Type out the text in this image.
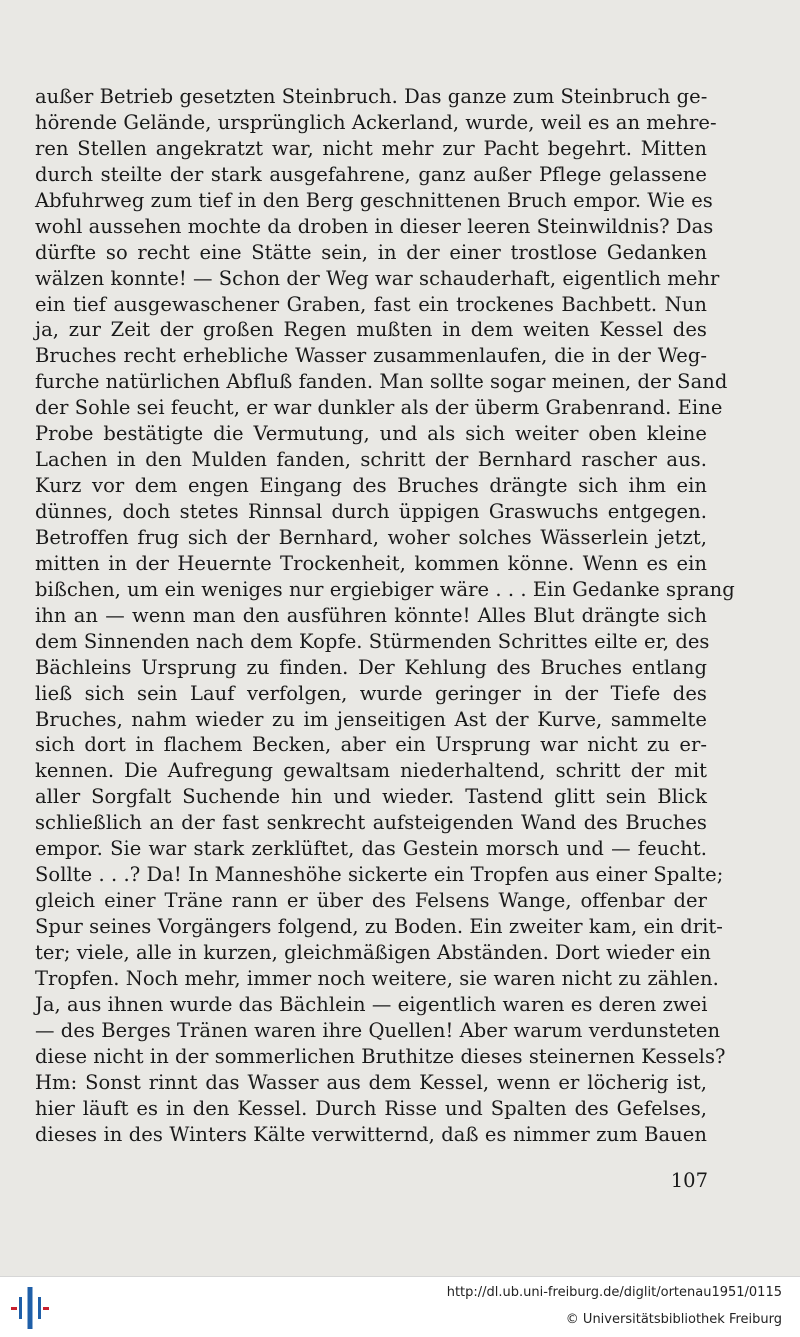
außer Betrieb gesetzten Steinbruch. Das ganze zum Steinbruch ge-
hörende Gelände, ursprünglich Ackerland, wurde, weil es an mehre-
ren Stellen angekratzt war, nicht mehr zur Pacht begehrt. Mitten
durch steilte der stark ausgefahrene, ganz außer Pflege gelassene
Abfuhrweg zum tief in den Berg geschnittenen Bruch empor. Wie es
wohl aussehen mochte da droben in dieser leeren Steinwildnis? Das
dürfte so recht eine Stätte sein, in der einer trostlose Gedanken
wälzen konnte! — Schon der Weg war schauderhaft, eigentlich mehr
ein tief ausgewaschener Graben, fast ein trockenes Bachbett. Nun
ja, zur Zeit der großen Regen mußten in dem weiten Kessel des
Bruches recht erhebliche Wasser zusammenlaufen, die in der Weg-
furche natürlichen Abfluß fanden. Man sollte sogar meinen, der Sand
der Sohle sei feucht, er war dunkler als der überm Grabenrand. Eine
Probe bestätigte die Vermutung, und als sich weiter oben kleine
Lachen in den Mulden fanden, schritt der Bernhard rascher aus.
Kurz vor dem engen Eingang des Bruches drängte sich ihm ein
dünnes, doch stetes Rinnsal durch üppigen Graswuchs entgegen.
Betroffen frug sich der Bernhard, woher solches Wässerlein jetzt,
mitten in der Heuernte Trockenheit, kommen könne. Wenn es ein
bißchen, um ein weniges nur ergiebiger wäre . . . Ein Gedanke sprang
ihn an — wenn man den ausführen könnte! Alles Blut drängte sich
dem Sinnenden nach dem Kopfe. Stürmenden Schrittes eilte er, des
Bächleins Ursprung zu finden. Der Kehlung des Bruches entlang
ließ sich sein Lauf verfolgen, wurde geringer in der Tiefe des
Bruches, nahm wieder zu im jenseitigen Ast der Kurve, sammelte
sich dort in flachem Becken, aber ein Ursprung war nicht zu er-
kennen. Die Aufregung gewaltsam niederhaltend, schritt der mit
aller Sorgfalt Suchende hin und wieder. Tastend glitt sein Blick
schließlich an der fast senkrecht aufsteigenden Wand des Bruches
empor. Sie war stark zerklüftet, das Gestein morsch und — feucht.
Sollte . . .? Da! In Manneshöhe sickerte ein Tropfen aus einer Spalte;
gleich einer Träne rann er über des Felsens Wange, offenbar der
Spur seines Vorgängers folgend, zu Boden. Ein zweiter kam, ein drit-
ter; viele, alle in kurzen, gleichmäßigen Abständen. Dort wieder ein
Tropfen. Noch mehr, immer noch weitere, sie waren nicht zu zählen.
Ja, aus ihnen wurde das Bächlein — eigentlich waren es deren zwei
— des Berges Tränen waren ihre Quellen! Aber warum verdunsteten
diese nicht in der sommerlichen Bruthitze dieses steinernen Kessels?
Hm: Sonst rinnt das Wasser aus dem Kessel, wenn er löcherig ist,
hier läuft es in den Kessel. Durch Risse und Spalten des Gefelses,
dieses in des Winters Kälte verwitternd, daß es nimmer zum Bauen
107
http://dl.ub.uni-freiburg.de/diglit/ortenau1951/0115
© Universitätsbibliothek Freiburg
